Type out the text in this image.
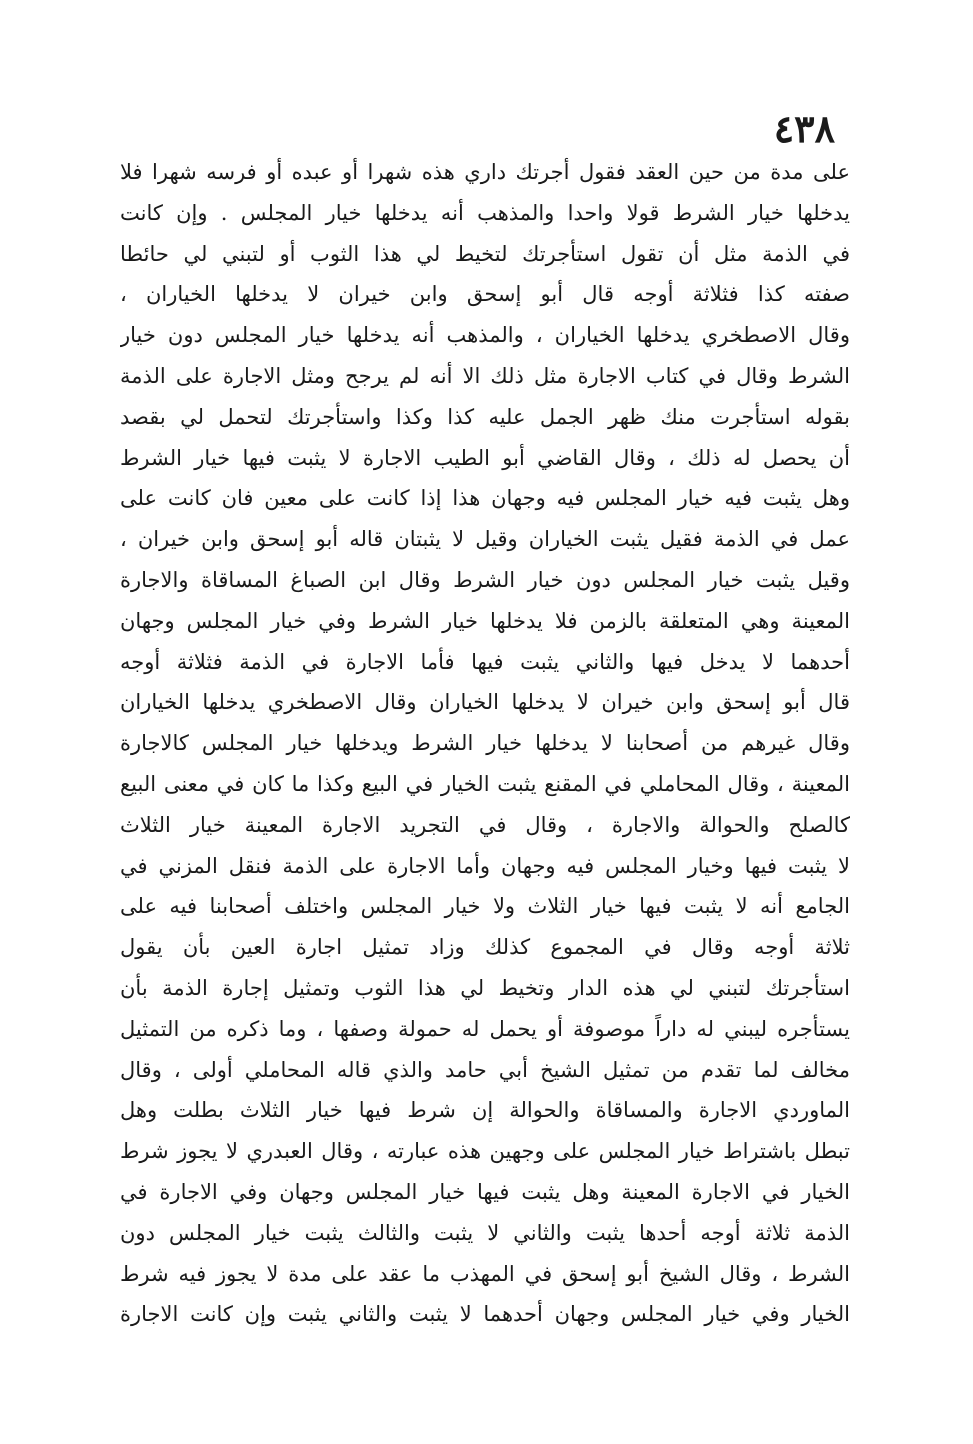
٤٣٨
على مدة من حين العقد فقول أجرتك داري هذه شهرا أو عبده أو فرسه شهرا فلا
يدخلها خيار الشرط قولا واحدا والمذهب أنه يدخلها خيار المجلس . وإن كانت
في الذمة مثل أن تقول استأجرتك لتخيط لي هذا الثوب أو لتبني لي حائطا
صفته كذا فثلاثة أوجه قال أبو إسحق وابن خيران لا يدخلها الخياران ،
وقال الاصطخري يدخلها الخياران ، والمذهب أنه يدخلها خيار المجلس دون خيار
الشرط وقال في كتاب الاجارة مثل ذلك الا أنه لم يرجح ومثل الاجارة على الذمة
بقوله استأجرت منك ظهر الجمل عليه كذا وكذا واستأجرتك لتحمل لي بقصد
أن يحصل له ذلك ، وقال القاضي أبو الطيب الاجارة لا يثبت فيها خيار الشرط
وهل يثبت فيه خيار المجلس فيه وجهان هذا إذا كانت على معين فان كانت على
عمل في الذمة فقيل يثبت الخياران وقيل لا يثبتان قاله أبو إسحق وابن خيران ،
وقيل يثبت خيار المجلس دون خيار الشرط وقال ابن الصباغ المساقاة والاجارة
المعينة وهي المتعلقة بالزمن فلا يدخلها خيار الشرط وفي خيار المجلس وجهان
أحدهما لا يدخل فيها والثاني يثبت فيها فأما الاجارة في الذمة فثلاثة أوجه
قال أبو إسحق وابن خيران لا يدخلها الخياران وقال الاصطخري يدخلها الخياران
وقال غيرهم من أصحابنا لا يدخلها خيار الشرط ويدخلها خيار المجلس كالاجارة
المعينة ، وقال المحاملي في المقنع يثبت الخيار في البيع وكذا ما كان في معنى البيع
كالصلح والحوالة والاجارة ، وقال في التجريد الاجارة المعينة خيار الثلاث
لا يثبت فيها وخيار المجلس فيه وجهان وأما الاجارة على الذمة فنقل المزني في
الجامع أنه لا يثبت فيها خيار الثلاث ولا خيار المجلس واختلف أصحابنا فيه على
ثلاثة أوجه وقال في المجموع كذلك وزاد تمثيل اجارة العين بأن يقول
استأجرتك لتبني لي هذه الدار وتخيط لي هذا الثوب وتمثيل إجارة الذمة بأن
يستأجره ليبني له داراً موصوفة أو يحمل له حمولة وصفها ، وما ذكره من التمثيل
مخالف لما تقدم من تمثيل الشيخ أبي حامد والذي قاله المحاملي أولى ، وقال
الماوردي الاجارة والمساقاة والحوالة إن شرط فيها خيار الثلاث بطلت وهل
تبطل باشتراط خيار المجلس على وجهين هذه عبارته ، وقال العبدري لا يجوز شرط
الخيار في الاجارة المعينة وهل يثبت فيها خيار المجلس وجهان وفي الاجارة في
الذمة ثلاثة أوجه أحدها يثبت والثاني لا يثبت والثالث يثبت خيار المجلس دون
الشرط ، وقال الشيخ أبو إسحق في المهذب ما عقد على مدة لا يجوز فيه شرط
الخيار وفي خيار المجلس وجهان أحدهما لا يثبت والثاني يثبت وإن كانت الاجارة
